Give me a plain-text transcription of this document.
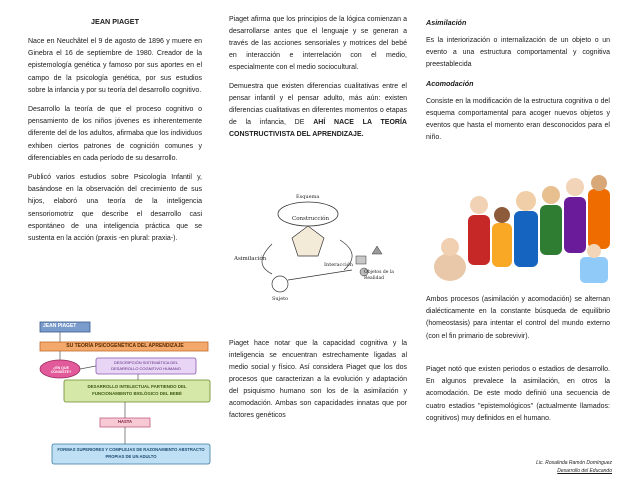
JEAN PIAGET

Nace en Neuchâtel el 9 de agosto de 1896 y muere en Ginebra el 16 de septiembre de 1980. Creador de la epistemología genética y famoso por sus aportes en el campo de la psicología genética, por sus estudios sobre la infancia y por su teoría del desarrollo cognitivo.

Desarrollo la teoría de que el proceso cognitivo o pensamiento de los niños jóvenes es inherentemente diferente del de los adultos, afirmaba que los individuos exhiben ciertos patrones de cognición comunes y diferenciables en cada período de su desarrollo.

Publicó varios estudios sobre Psicología Infantil y, basándose en la observación del crecimiento de sus hijos, elaboró una teoría de la inteligencia sensoriomotriz que describe el desarrollo casi espontáneo de una inteligencia práctica que se sustenta en la acción (praxis -en plural: praxia-).

JEAN PIAGET
SU TEORÍA PSICOGENÉTICA DEL APRENDIZAJE
¿EN QUE CONSISTE?
DESCRIPCIÓN SISTEMÁTICA DEL DESARROLLO COGNITIVO HUMANO
DESARROLLO INTELECTUAL PARTIENDO DEL FUNCIONAMIENTO BIOLÓGICO DEL BEBÉ
HASTA
FORMAS SUPERIORES Y COMPLEJAS DE RAZONAMIENTO ABSTRACTO PROPIAS DE UN ADULTO

Piaget afirma que los principios de la lógica comienzan a desarrollarse antes que el lenguaje y se generan a través de las acciones sensoriales y motrices del bebé en interacción e interrelación con el medio, especialmente con el medio sociocultural.

Demuestra que existen diferencias cualitativas entre el pensar infantil y el pensar adulto, más aún: existen diferencias cualitativas en diferentes momentos o etapas de la infancia, DE AHÍ NACE LA TEORÍA CONSTRUCTIVISTA DEL APRENDIZAJE.

Piaget hace notar que la capacidad cognitiva y la inteligencia se encuentran estrechamente ligadas al medio social y físico. Así considera Piaget que los dos procesos que caracterizan a la evolución y adaptación del psiquismo humano son los de la asimilación y acomodación. Ambas son capacidades innatas que por factores genéticos

Esquema
Construcción
Asimilación
Interacción
Sujeto
Objetos de la Realidad
Asimilación

Es la interiorización o internalización de un objeto o un evento a una estructura comportamental y cognitiva preestablecida

Acomodación

Consiste en la modificación de la estructura cognitiva o del esquema comportamental para acoger nuevos objetos y eventos que hasta el momento eran desconocidos para el niño.

Ambos procesos (asimilación y acomodación) se alternan dialécticamente en la constante búsqueda de equilibrio (homeostasis) para intentar el control del mundo externo (con el fin primario de sobrevivir).

Piaget notó que existen periodos o estadios de desarrollo. En algunos prevalece la asimilación, en otros la acomodación. De este modo definió una secuencia de cuatro estadios "epistemológicos" (actualmente llamados: cognitivos) muy definidos en el humano.

Lic. Rosalinda Ramón Domínguez
Desarrollo del Educando
